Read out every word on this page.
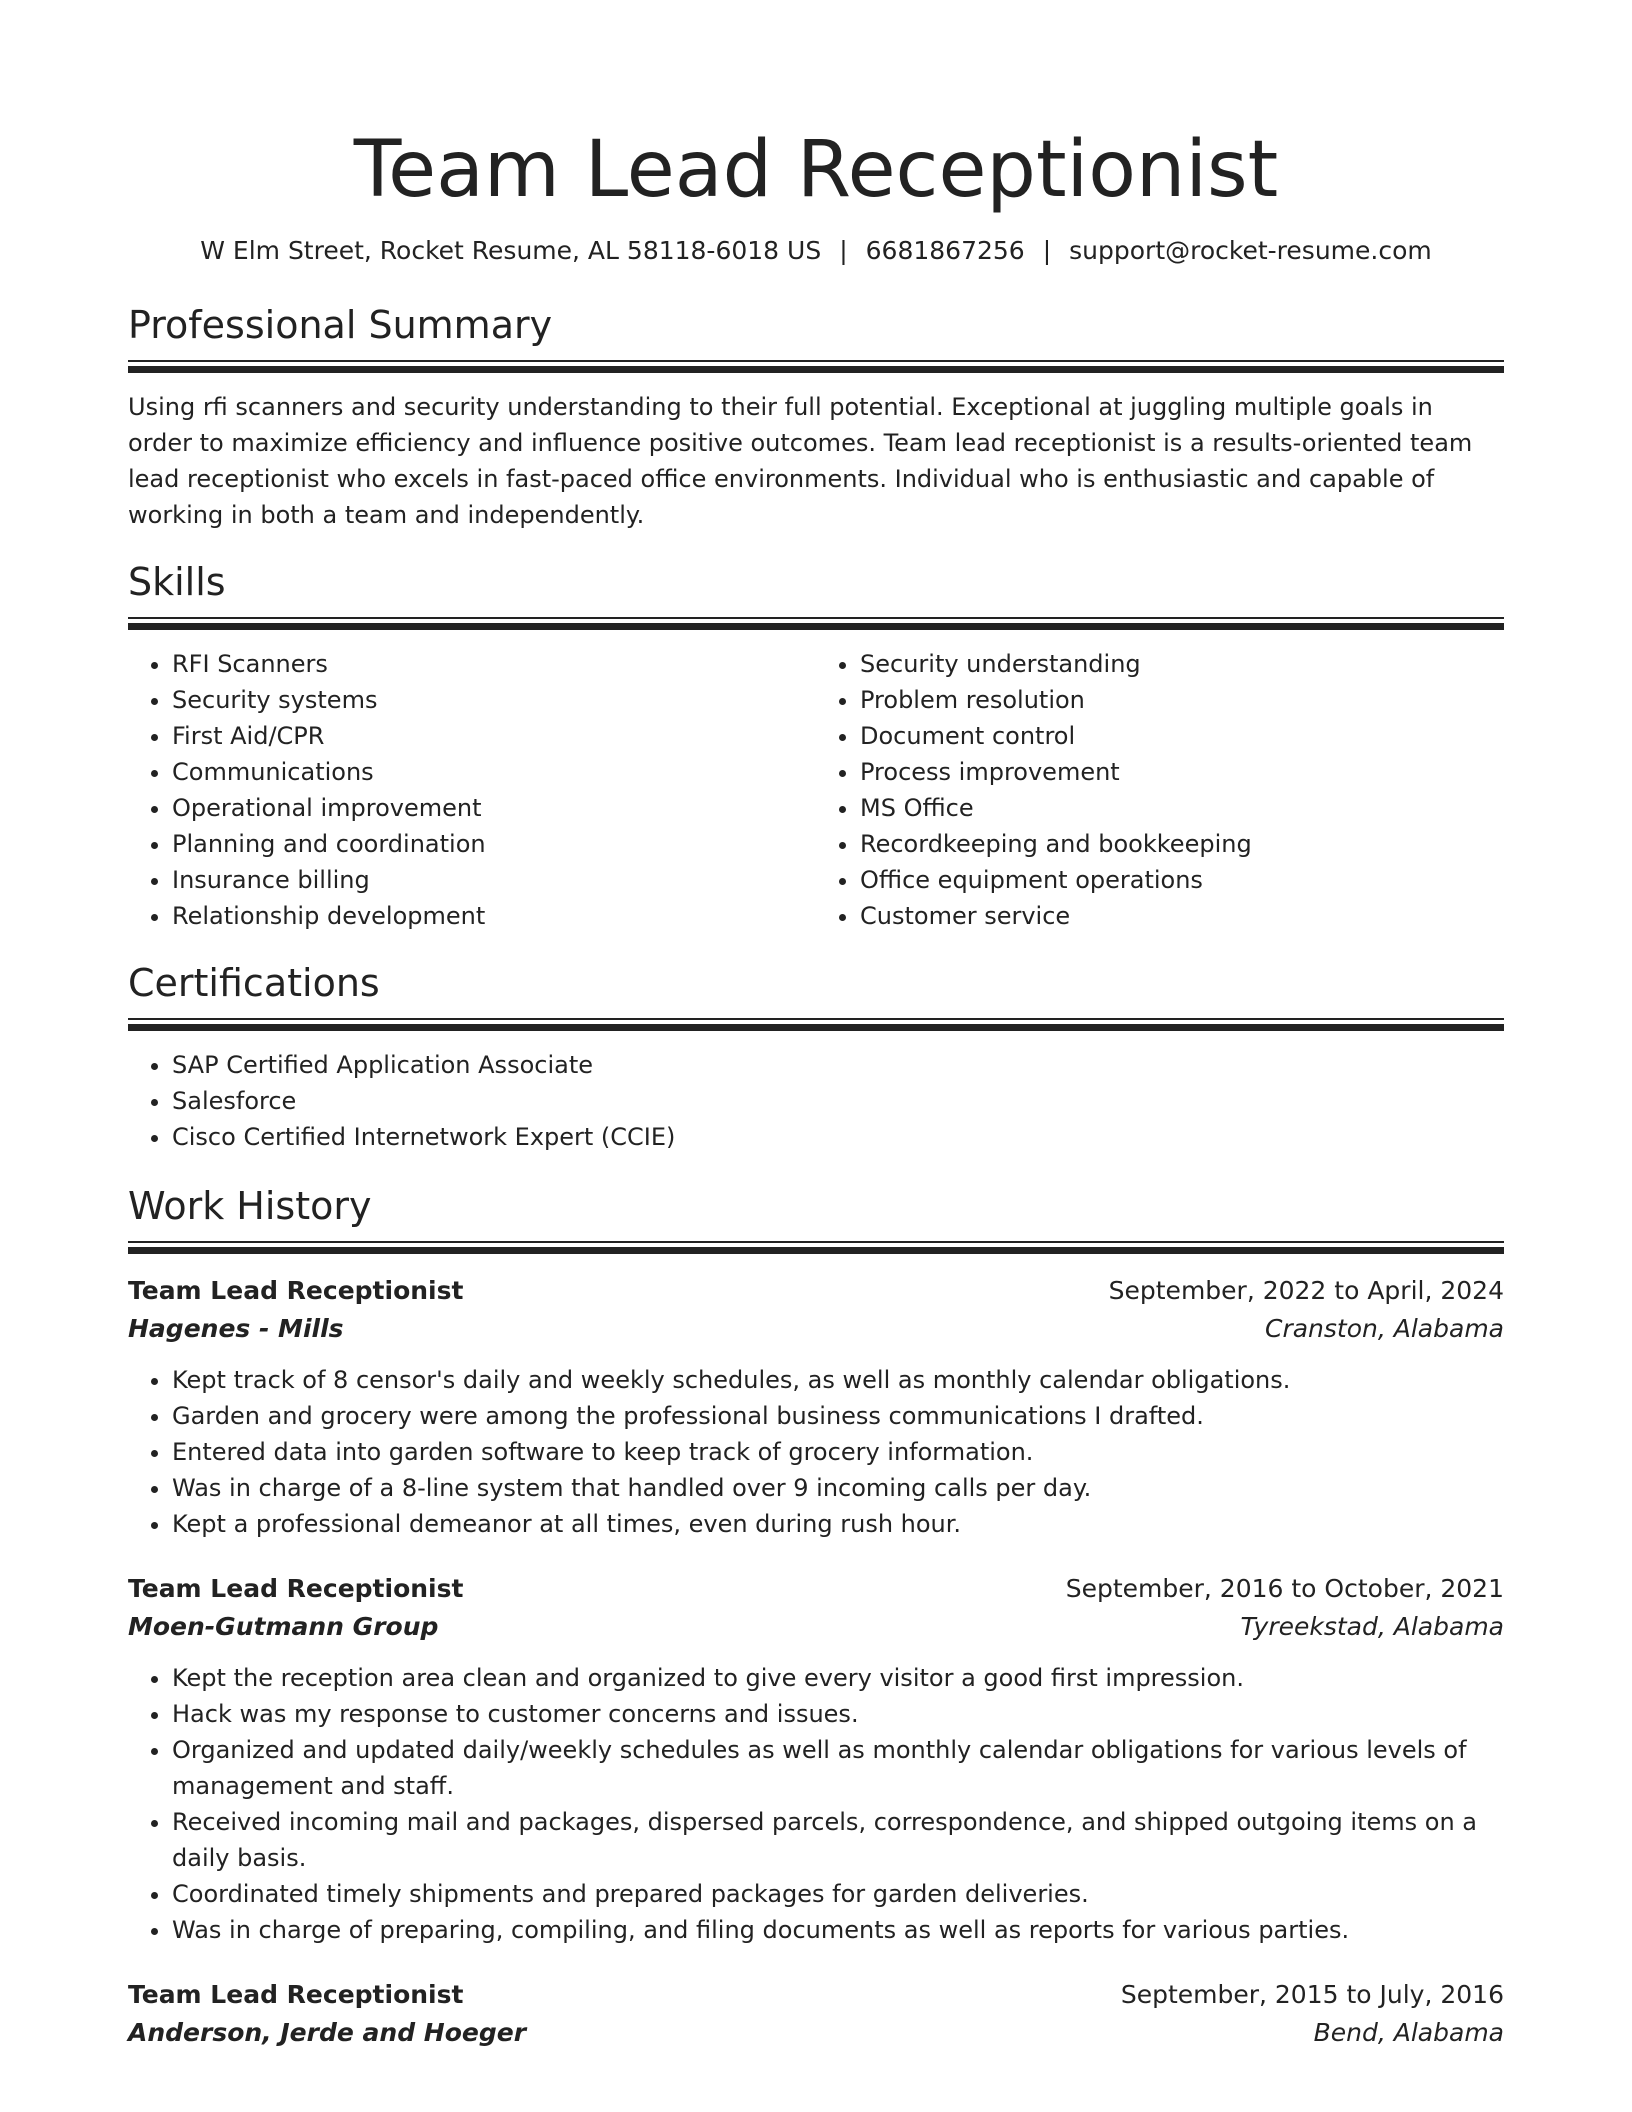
Team Lead Receptionist
W Elm Street, Rocket Resume, AL 58118-6018 US | 6681867256 | support@rocket-resume.com
Professional Summary
Using rfi scanners and security understanding to their full potential. Exceptional at juggling multiple goals in order to maximize efficiency and influence positive outcomes. Team lead receptionist is a results-oriented team lead receptionist who excels in fast-paced office environments. Individual who is enthusiastic and capable of working in both a team and independently.
Skills
• RFI Scanners
• Security systems
• First Aid/CPR
• Communications
• Operational improvement
• Planning and coordination
• Insurance billing
• Relationship development
• Security understanding
• Problem resolution
• Document control
• Process improvement
• MS Office
• Recordkeeping and bookkeeping
• Office equipment operations
• Customer service
Certifications
• SAP Certified Application Associate
• Salesforce
• Cisco Certified Internetwork Expert (CCIE)
Work History
Team Lead Receptionist	September, 2022 to April, 2024
Hagenes - Mills	Cranston, Alabama
• Kept track of 8 censor's daily and weekly schedules, as well as monthly calendar obligations.
• Garden and grocery were among the professional business communications I drafted.
• Entered data into garden software to keep track of grocery information.
• Was in charge of a 8-line system that handled over 9 incoming calls per day.
• Kept a professional demeanor at all times, even during rush hour.
Team Lead Receptionist	September, 2016 to October, 2021
Moen-Gutmann Group	Tyreekstad, Alabama
• Kept the reception area clean and organized to give every visitor a good first impression.
• Hack was my response to customer concerns and issues.
• Organized and updated daily/weekly schedules as well as monthly calendar obligations for various levels of management and staff.
• Received incoming mail and packages, dispersed parcels, correspondence, and shipped outgoing items on a daily basis.
• Coordinated timely shipments and prepared packages for garden deliveries.
• Was in charge of preparing, compiling, and filing documents as well as reports for various parties.
Team Lead Receptionist	September, 2015 to July, 2016
Anderson, Jerde and Hoeger	Bend, Alabama
